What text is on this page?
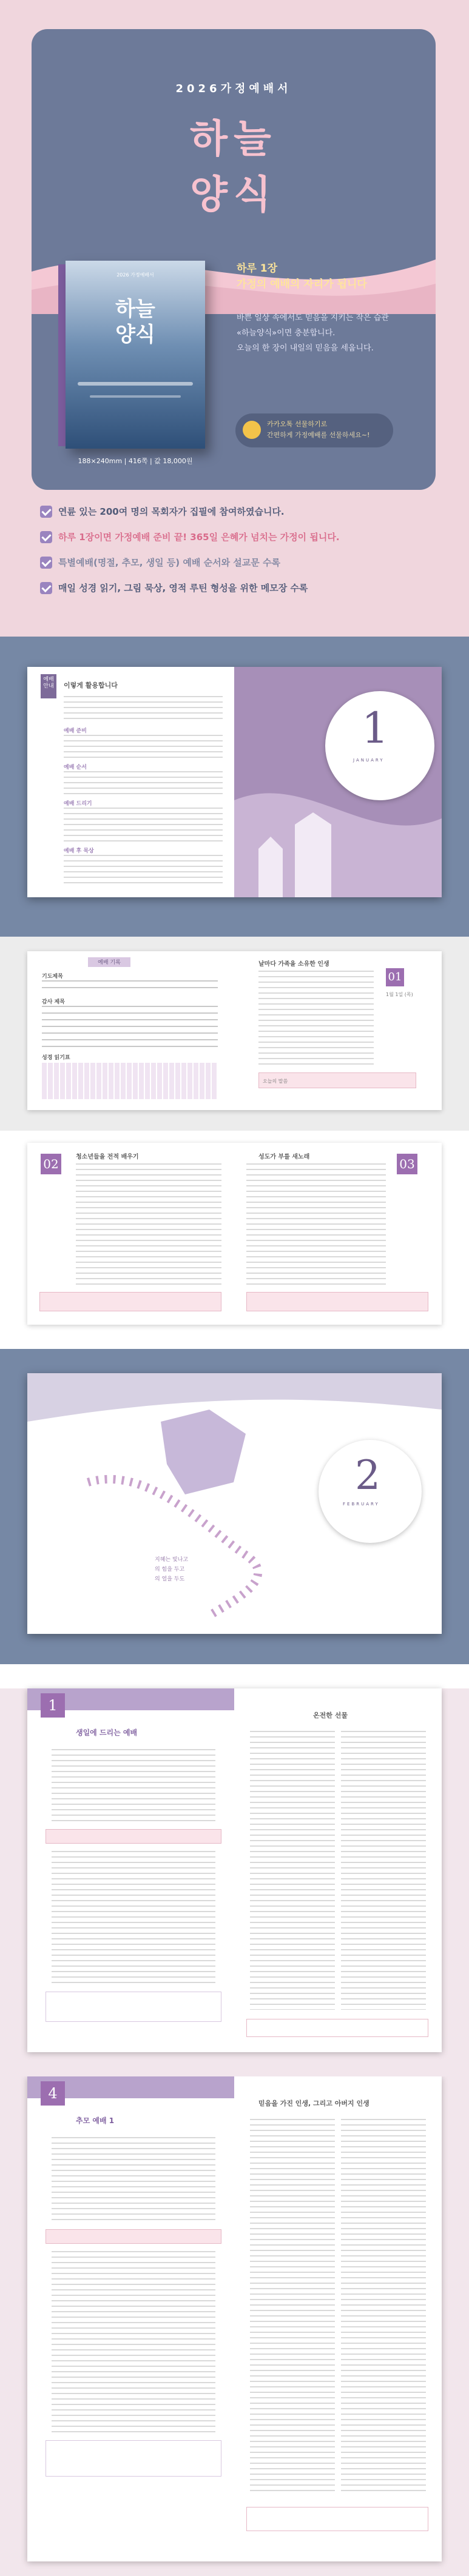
2026가정예배서
하늘
양식
2026 가정예배서
하늘
양식
하루 1장
가정의 예배의 자리가 됩니다
바쁜 일상 속에서도 믿음을 지키는 작은 습관
«하늘양식»이면 충분합니다.
오늘의 한 장이 내일의 믿음을 세웁니다.
카카오톡 선물하기로
간편하게 가정예배를 선물하세요~!
188×240mm | 416쪽 | 값 18,000원
연륜 있는 200여 명의 목회자가 집필에 참여하였습니다.
하루 1장이면 가정예배 준비 끝! 365일 은혜가 넘치는 가정이 됩니다.
특별예배(명절, 추모, 생일 등) 예배 순서와 설교문 수록
매일 성경 읽기, 그림 묵상, 영적 루틴 형성을 위한 메모장 수록
예배
안내	이렇게 활용합니다
예배 준비
예배 순서
예배 드리기
예배 후 묵상
1
JANUARY
예배 기록
기도제목
감사 제목
성경 읽기표
날마다 가족을 소유한 인생
01
1월 1일 (목)
오늘의 말씀
02	청소년들을 전적 배우기	성도가 부를 새노래	03
2
FEBRUARY
지혜는 빛나고
의 힘을 두고
의 얼을 두도
1
생일에 드리는 예배
온전한 선물
4
추모 예배 1
믿음을 가진 인생, 그리고 아버지 인생
